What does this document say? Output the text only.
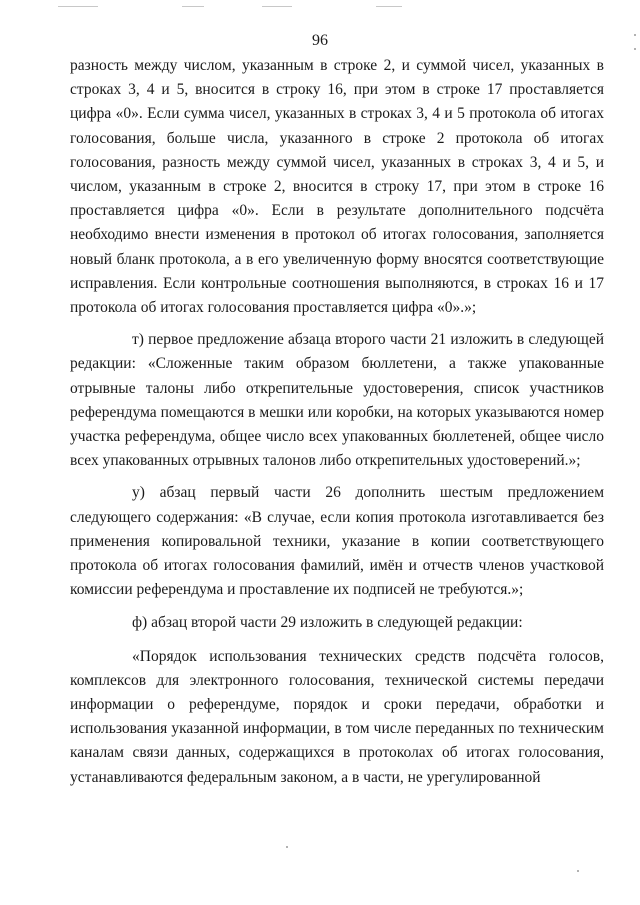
96

разность между числом, указанным в строке 2, и суммой чисел, указанных в строках 3, 4 и 5, вносится в строку 16, при этом в строке 17 проставляется цифра «0». Если сумма чисел, указанных в строках 3, 4 и 5 протокола об итогах голосования, больше числа, указанного в строке 2 протокола об итогах голосования, разность между суммой чисел, указанных в строках 3, 4 и 5, и числом, указанным в строке 2, вносится в строку 17, при этом в строке 16 проставляется цифра «0». Если в результате дополнительного подсчёта необходимо внести изменения в протокол об итогах голосования, заполняется новый бланк протокола, а в его увеличенную форму вносятся соответствующие исправления. Если контрольные соотношения выполняются, в строках 16 и 17 протокола об итогах голосования проставляется цифра «0».»;

т) первое предложение абзаца второго части 21 изложить в следующей редакции: «Сложенные таким образом бюллетени, а также упакованные отрывные талоны либо открепительные удостоверения, список участников референдума помещаются в мешки или коробки, на которых указываются номер участка референдума, общее число всех упакованных бюллетеней, общее число всех упакованных отрывных талонов либо открепительных удостоверений.»;

у) абзац первый части 26 дополнить шестым предложением следующего содержания: «В случае, если копия протокола изготавливается без применения копировальной техники, указание в копии соответствующего протокола об итогах голосования фамилий, имён и отчеств членов участковой комиссии референдума и проставление их подписей не требуются.»;

ф) абзац второй части 29 изложить в следующей редакции:

«Порядок использования технических средств подсчёта голосов, комплексов для электронного голосования, технической системы передачи информации о референдуме, порядок и сроки передачи, обработки и использования указанной информации, в том числе переданных по техническим каналам связи данных, содержащихся в протоколах об итогах голосования, устанавливаются федеральным законом, а в части, не урегулированной
